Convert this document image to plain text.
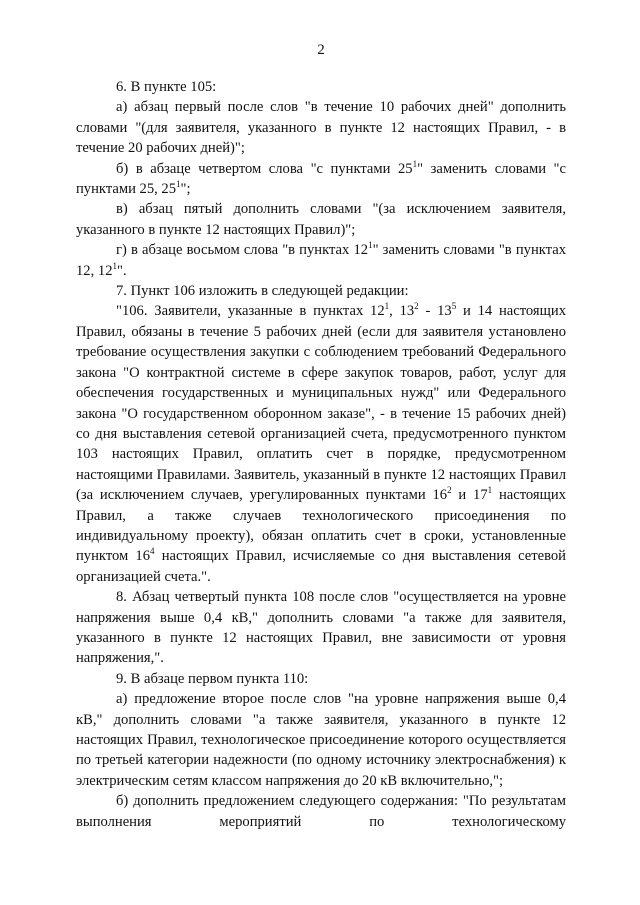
2

6. В пункте 105:

а) абзац первый после слов "в течение 10 рабочих дней" дополнить словами "(для заявителя, указанного в пункте 12 настоящих Правил, - в течение 20 рабочих дней)";

б) в абзаце четвертом слова "с пунктами $25^1$" заменить словами "с пунктами 25, $25^1$";

в) абзац пятый дополнить словами "(за исключением заявителя, указанного в пункте 12 настоящих Правил)";

г) в абзаце восьмом слова "в пунктах $12^1$" заменить словами "в пунктах 12, $12^1$".

7. Пункт 106 изложить в следующей редакции:

"106. Заявители, указанные в пунктах $12^1$, $13^2 - 13^5$ и 14 настоящих Правил, обязаны в течение 5 рабочих дней (если для заявителя установлено требование осуществления закупки с соблюдением требований Федерального закона "О контрактной системе в сфере закупок товаров, работ, услуг для обеспечения государственных и муниципальных нужд" или Федерального закона "О государственном оборонном заказе", - в течение 15 рабочих дней) со дня выставления сетевой организацией счета, предусмотренного пунктом 103 настоящих Правил, оплатить счет в порядке, предусмотренном настоящими Правилами. Заявитель, указанный в пункте 12 настоящих Правил (за исключением случаев, урегулированных пунктами $16^2$ и $17^1$ настоящих Правил, а также случаев технологического присоединения по индивидуальному проекту), обязан оплатить счет в сроки, установленные пунктом $16^4$ настоящих Правил, исчисляемые со дня выставления сетевой организацией счета.".

8. Абзац четвертый пункта 108 после слов "осуществляется на уровне напряжения выше 0,4 кВ," дополнить словами "а также для заявителя, указанного в пункте 12 настоящих Правил, вне зависимости от уровня напряжения,".

9. В абзаце первом пункта 110:

а) предложение второе после слов "на уровне напряжения выше 0,4 кВ," дополнить словами "а также заявителя, указанного в пункте 12 настоящих Правил, технологическое присоединение которого осуществляется по третьей категории надежности (по одному источнику электроснабжения) к электрическим сетям классом напряжения до 20 кВ включительно,";

б) дополнить предложением следующего содержания: "По результатам выполнения мероприятий по технологическому
